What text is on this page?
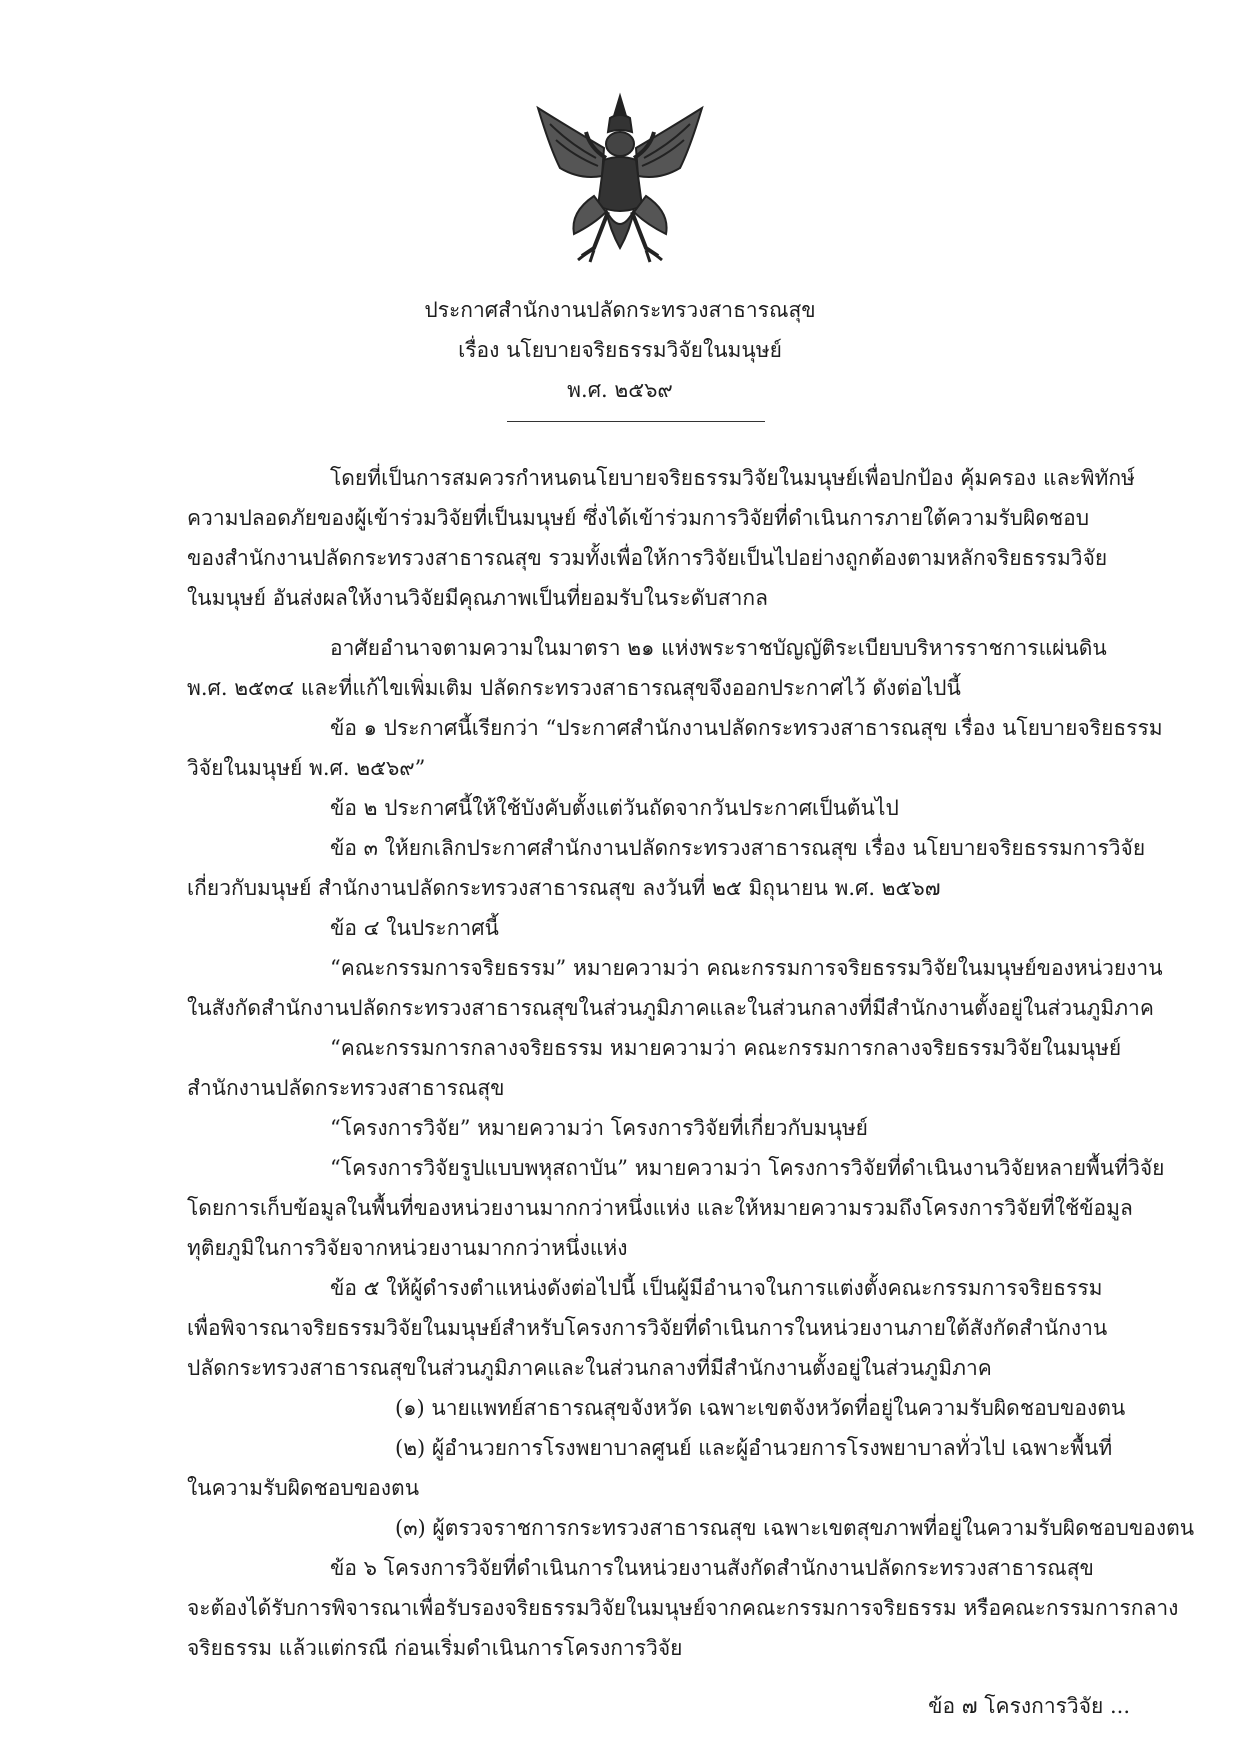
ประกาศสำนักงานปลัดกระทรวงสาธารณสุข
เรื่อง นโยบายจริยธรรมวิจัยในมนุษย์
พ.ศ. ๒๕๖๙
โดยที่เป็นการสมควรกำหนดนโยบายจริยธรรมวิจัยในมนุษย์เพื่อปกป้อง คุ้มครอง และพิทักษ์
ความปลอดภัยของผู้เข้าร่วมวิจัยที่เป็นมนุษย์ ซึ่งได้เข้าร่วมการวิจัยที่ดำเนินการภายใต้ความรับผิดชอบ
ของสำนักงานปลัดกระทรวงสาธารณสุข รวมทั้งเพื่อให้การวิจัยเป็นไปอย่างถูกต้องตามหลักจริยธรรมวิจัย
ในมนุษย์ อันส่งผลให้งานวิจัยมีคุณภาพเป็นที่ยอมรับในระดับสากล
อาศัยอำนาจตามความในมาตรา ๒๑ แห่งพระราชบัญญัติระเบียบบริหารราชการแผ่นดิน
พ.ศ. ๒๕๓๔ และที่แก้ไขเพิ่มเติม ปลัดกระทรวงสาธารณสุขจึงออกประกาศไว้ ดังต่อไปนี้
ข้อ ๑ ประกาศนี้เรียกว่า “ประกาศสำนักงานปลัดกระทรวงสาธารณสุข เรื่อง นโยบายจริยธรรม
วิจัยในมนุษย์ พ.ศ. ๒๕๖๙”
ข้อ ๒ ประกาศนี้ให้ใช้บังคับตั้งแต่วันถัดจากวันประกาศเป็นต้นไป
ข้อ ๓ ให้ยกเลิกประกาศสำนักงานปลัดกระทรวงสาธารณสุข เรื่อง นโยบายจริยธรรมการวิจัย
เกี่ยวกับมนุษย์ สำนักงานปลัดกระทรวงสาธารณสุข ลงวันที่ ๒๕ มิถุนายน พ.ศ. ๒๕๖๗
ข้อ ๔ ในประกาศนี้
“คณะกรรมการจริยธรรม” หมายความว่า คณะกรรมการจริยธรรมวิจัยในมนุษย์ของหน่วยงาน
ในสังกัดสำนักงานปลัดกระทรวงสาธารณสุขในส่วนภูมิภาคและในส่วนกลางที่มีสำนักงานตั้งอยู่ในส่วนภูมิภาค
“คณะกรรมการกลางจริยธรรม หมายความว่า คณะกรรมการกลางจริยธรรมวิจัยในมนุษย์
สำนักงานปลัดกระทรวงสาธารณสุข
“โครงการวิจัย” หมายความว่า โครงการวิจัยที่เกี่ยวกับมนุษย์
“โครงการวิจัยรูปแบบพหุสถาบัน” หมายความว่า โครงการวิจัยที่ดำเนินงานวิจัยหลายพื้นที่วิจัย
โดยการเก็บข้อมูลในพื้นที่ของหน่วยงานมากกว่าหนึ่งแห่ง และให้หมายความรวมถึงโครงการวิจัยที่ใช้ข้อมูล
ทุติยภูมิในการวิจัยจากหน่วยงานมากกว่าหนึ่งแห่ง
ข้อ ๕ ให้ผู้ดำรงตำแหน่งดังต่อไปนี้ เป็นผู้มีอำนาจในการแต่งตั้งคณะกรรมการจริยธรรม
เพื่อพิจารณาจริยธรรมวิจัยในมนุษย์สำหรับโครงการวิจัยที่ดำเนินการในหน่วยงานภายใต้สังกัดสำนักงาน
ปลัดกระทรวงสาธารณสุขในส่วนภูมิภาคและในส่วนกลางที่มีสำนักงานตั้งอยู่ในส่วนภูมิภาค
(๑) นายแพทย์สาธารณสุขจังหวัด เฉพาะเขตจังหวัดที่อยู่ในความรับผิดชอบของตน
(๒) ผู้อำนวยการโรงพยาบาลศูนย์ และผู้อำนวยการโรงพยาบาลทั่วไป เฉพาะพื้นที่
ในความรับผิดชอบของตน
(๓) ผู้ตรวจราชการกระทรวงสาธารณสุข เฉพาะเขตสุขภาพที่อยู่ในความรับผิดชอบของตน
ข้อ ๖ โครงการวิจัยที่ดำเนินการในหน่วยงานสังกัดสำนักงานปลัดกระทรวงสาธารณสุข
จะต้องได้รับการพิจารณาเพื่อรับรองจริยธรรมวิจัยในมนุษย์จากคณะกรรมการจริยธรรม หรือคณะกรรมการกลาง
จริยธรรม แล้วแต่กรณี ก่อนเริ่มดำเนินการโครงการวิจัย
ข้อ ๗ โครงการวิจัย ...
